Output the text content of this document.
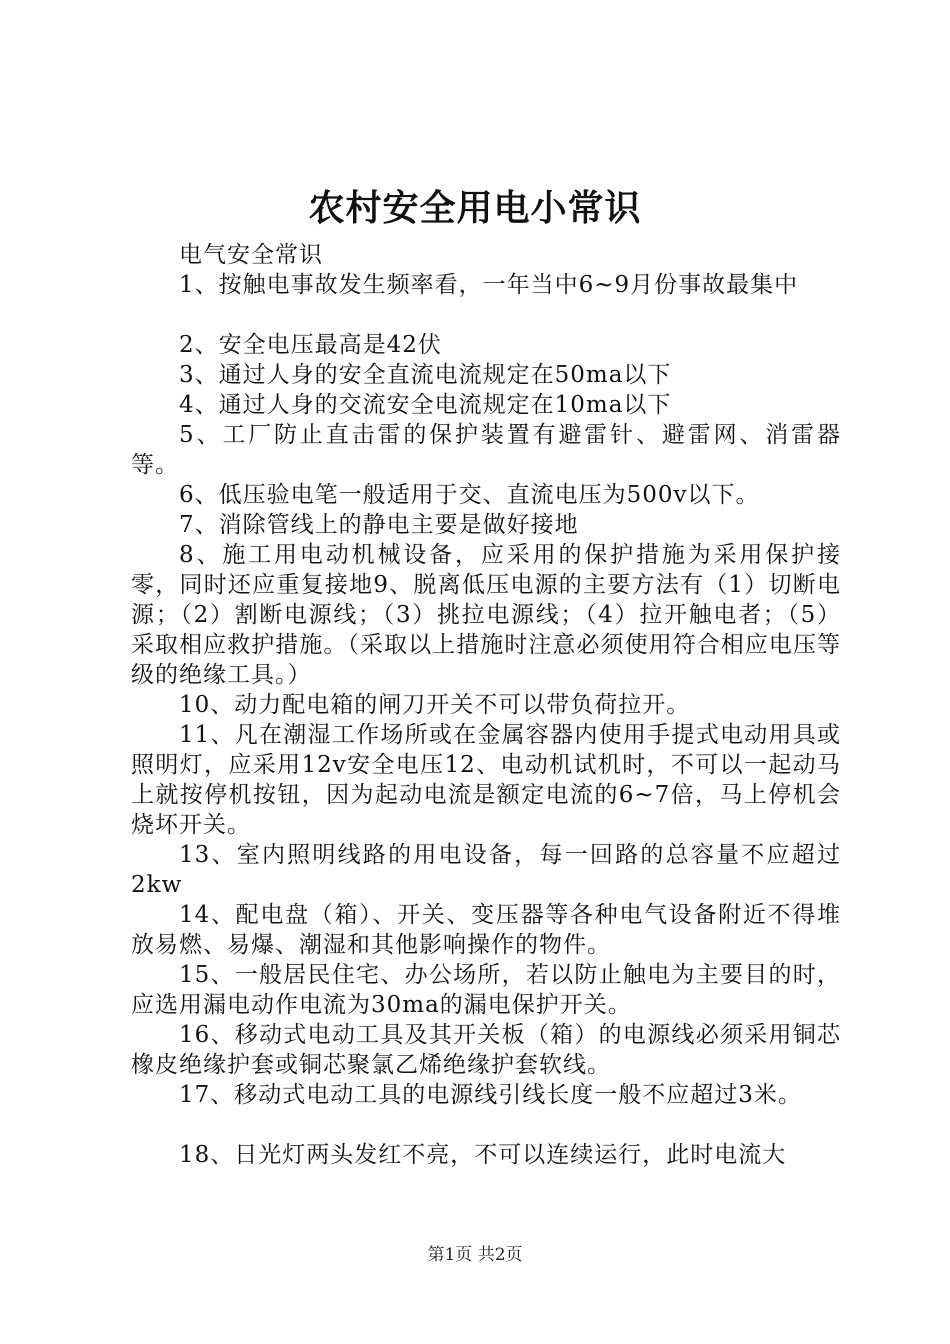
农村安全用电小常识

电气安全常识

1、按触电事故发生频率看，一年当中6~9月份事故最集中

2、安全电压最高是42伏

3、通过人身的安全直流电流规定在50ma以下

4、通过人身的交流安全电流规定在10ma以下

5、工厂防止直击雷的保护装置有避雷针、避雷网、消雷器等。

6、低压验电笔一般适用于交、直流电压为500v以下。

7、消除管线上的静电主要是做好接地

8、施工用电动机械设备，应采用的保护措施为采用保护接零，同时还应重复接地9、脱离低压电源的主要方法有（1）切断电源；（2）割断电源线；（3）挑拉电源线；（4）拉开触电者；（5）采取相应救护措施。（采取以上措施时注意必须使用符合相应电压等级的绝缘工具。）

10、动力配电箱的闸刀开关不可以带负荷拉开。

11、凡在潮湿工作场所或在金属容器内使用手提式电动用具或照明灯，应采用12v安全电压12、电动机试机时，不可以一起动马上就按停机按钮，因为起动电流是额定电流的6~7倍，马上停机会烧坏开关。

13、室内照明线路的用电设备，每一回路的总容量不应超过2kw

14、配电盘（箱）、开关、变压器等各种电气设备附近不得堆放易燃、易爆、潮湿和其他影响操作的物件。

15、一般居民住宅、办公场所，若以防止触电为主要目的时，应选用漏电动作电流为30ma的漏电保护开关。

16、移动式电动工具及其开关板（箱）的电源线必须采用铜芯橡皮绝缘护套或铜芯聚氯乙烯绝缘护套软线。

17、移动式电动工具的电源线引线长度一般不应超过3米。

18、日光灯两头发红不亮，不可以连续运行，此时电流大

第1页 共2页
